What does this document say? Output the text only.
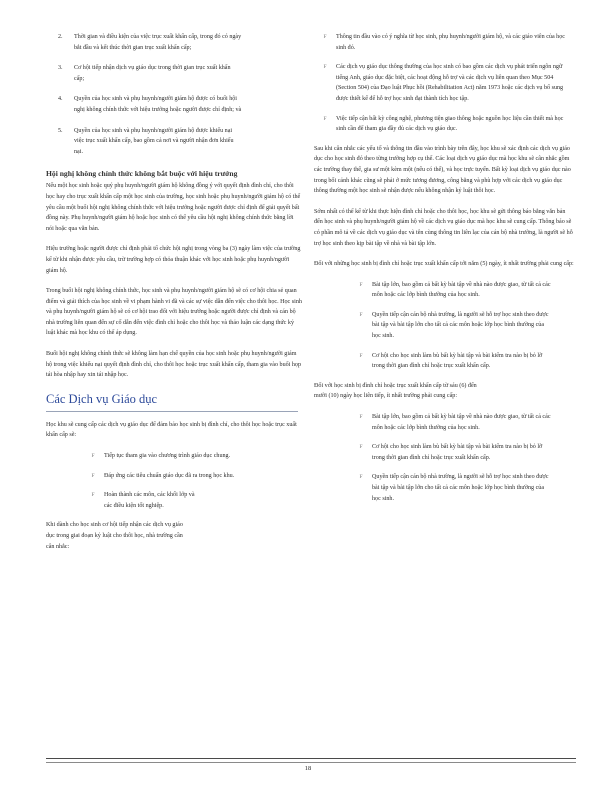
2.	Thời gian và điều kiện của việc trục xuất khẩn cấp, trong đó có ngày bắt đầu và kết thúc thời gian trục xuất khẩn cấp;
3.	Cơ hội tiếp nhận dịch vụ giáo dục trong thời gian trục xuất khẩn cấp;
4.	Quyền của học sinh và phụ huynh/người giám hộ được có buổi hội nghị không chính thức với hiệu trưởng hoặc người được chỉ định; và
5.	Quyền của học sinh và phụ huynh/người giám hộ được khiếu nại việc trục xuất khẩn cấp, bao gồm cả nơi và người nhận đơn khiếu nại.
Hội nghị không chính thức không bắt buộc với hiệu trưởng

Nếu một học sinh hoặc quý phụ huynh/người giám hộ không đồng ý với quyết định đình chỉ, cho thôi học hay cho trục xuất khẩn cấp một học sinh của trường, học sinh hoặc phụ huynh/người giám hộ có thể yêu cầu một buổi hội nghị không chính thức với hiệu trưởng hoặc người được chỉ định để giải quyết bất đồng này. Phụ huynh/người giám hộ hoặc học sinh có thể yêu cầu hội nghị không chính thức bằng lời nói hoặc qua văn bản.

Hiệu trưởng hoặc người được chỉ định phải tổ chức hội nghị trong vòng ba (3) ngày làm việc của trường kể từ khi nhận được yêu cầu, trừ trường hợp có thỏa thuận khác với học sinh hoặc phụ huynh/người giám hộ.

Trong buổi hội nghị không chính thức, học sinh và phụ huynh/người giám hộ sẽ có cơ hội chia sẻ quan điểm và giải thích của học sinh về vi phạm hành vi đã và các sự việc dẫn đến việc cho thôi học. Học sinh và phụ huynh/người giám hộ sẽ có cơ hội trao đổi với hiệu trưởng hoặc người được chỉ định và cán bộ nhà trường liên quan đến sự cố dẫn đến việc đình chỉ hoặc cho thôi học và thảo luận các dạng thức kỷ luật khác mà học khu có thể áp dụng.

Buổi hội nghị không chính thức sẽ không làm hạn chế quyền của học sinh hoặc phụ huynh/người giám hộ trong việc khiếu nại quyết định đình chỉ, cho thôi học hoặc trục xuất khẩn cấp, tham gia vào buổi họp tái hòa nhập hay xin tái nhập học.

Các Dịch vụ Giáo dục

Học khu sẽ cung cấp các dịch vụ giáo dục để đảm bảo học sinh bị đình chỉ, cho thôi học hoặc trục xuất khẩn cấp sẽ:

F	Tiếp tục tham gia vào chương trình giáo dục chung.
F	Đáp ứng các tiêu chuẩn giáo dục đã ra trong học khu.
F	Hoàn thành các môn, các khối lớp và các điều kiện tốt nghiệp.

Khi dành cho học sinh cơ hội tiếp nhận các dịch vụ giáo dục trong giai đoạn kỷ luật cho thôi học, nhà trường cần cân nhắc:

F	Thông tin đầu vào có ý nghĩa từ học sinh, phụ huynh/người giám hộ, và các giáo viên của học sinh đó.
F	Các dịch vụ giáo dục thông thường của học sinh có bao gồm các dịch vụ phát triển ngôn ngữ tiếng Anh, giáo dục đặc biệt, các hoạt động hỗ trợ và các dịch vụ liên quan theo Mục 504 (Section 504) của Đạo luật Phục hồi (Rehabilitation Act) năm 1973 hoặc các dịch vụ bổ sung được thiết kế để hỗ trợ học sinh đạt thành tích học tập.
F	Việc tiếp cận bất kỳ công nghệ, phương tiện giao thông hoặc nguồn học liệu cần thiết mà học sinh cần để tham gia đầy đủ các dịch vụ giáo dục.

Sau khi cân nhắc các yếu tố và thông tin đầu vào trình bày trên đây, học khu sẽ xác định các dịch vụ giáo dục cho học sinh đó theo từng trường hợp cụ thể. Các loại dịch vụ giáo dục mà học khu sẽ cân nhắc gồm các trường thay thế, gia sư một kèm một (nếu có thể), và học trực tuyến. Bất kỳ loại dịch vụ giáo dục nào trong bối cảnh khác cũng sẽ phải ở mức tương đương, công bằng và phù hợp với các dịch vụ giáo dục thông thường một học sinh sẽ nhận được nếu không nhận kỷ luật thôi học.

Sớm nhất có thể kể từ khi thực hiện đình chỉ hoặc cho thôi học, học khu sẽ gửi thông báo bằng văn bản đến học sinh và phụ huynh/người giám hộ về các dịch vụ giáo dục mà học khu sẽ cung cấp. Thông báo sẽ có phần mô tả về các dịch vụ giáo dục và tên cùng thông tin liên lạc của cán bộ nhà trường, là người sẽ hỗ trợ học sinh theo kịp bài tập về nhà và bài tập lớn.

Đối với những học sinh bị đình chỉ hoặc trục xuất khẩn cấp tới năm (5) ngày, ít nhất trường phải cung cấp:

F	Bài tập lớn, bao gồm cả bất kỳ bài tập về nhà nào được giao, từ tất cả các môn hoặc các lớp bình thường của học sinh.
F	Quyền tiếp cận cán bộ nhà trường, là người sẽ hỗ trợ học sinh theo được bài tập và bài tập lớn cho tất cả các môn hoặc lớp học bình thường của học sinh.
F	Cơ hội cho học sinh làm bù bất kỳ bài tập và bài kiểm tra nào bị bỏ lỡ trong thời gian đình chỉ hoặc trục xuất khẩn cấp.

Đối với học sinh bị đình chỉ hoặc trục xuất khẩn cấp từ sáu (6) đến mười (10) ngày học liên tiếp, ít nhất trường phải cung cấp:

F	Bài tập lớn, bao gồm cả bất kỳ bài tập về nhà nào được giao, từ tất cả các môn hoặc các lớp bình thường của học sinh.
F	Cơ hội cho học sinh làm bù bất kỳ bài tập và bài kiểm tra nào bị bỏ lỡ trong thời gian đình chỉ hoặc trục xuất khẩn cấp.
F	Quyền tiếp cận cán bộ nhà trường, là người sẽ hỗ trợ học sinh theo được bài tập và bài tập lớn cho tất cả các môn hoặc lớp học bình thường của học sinh.
18
